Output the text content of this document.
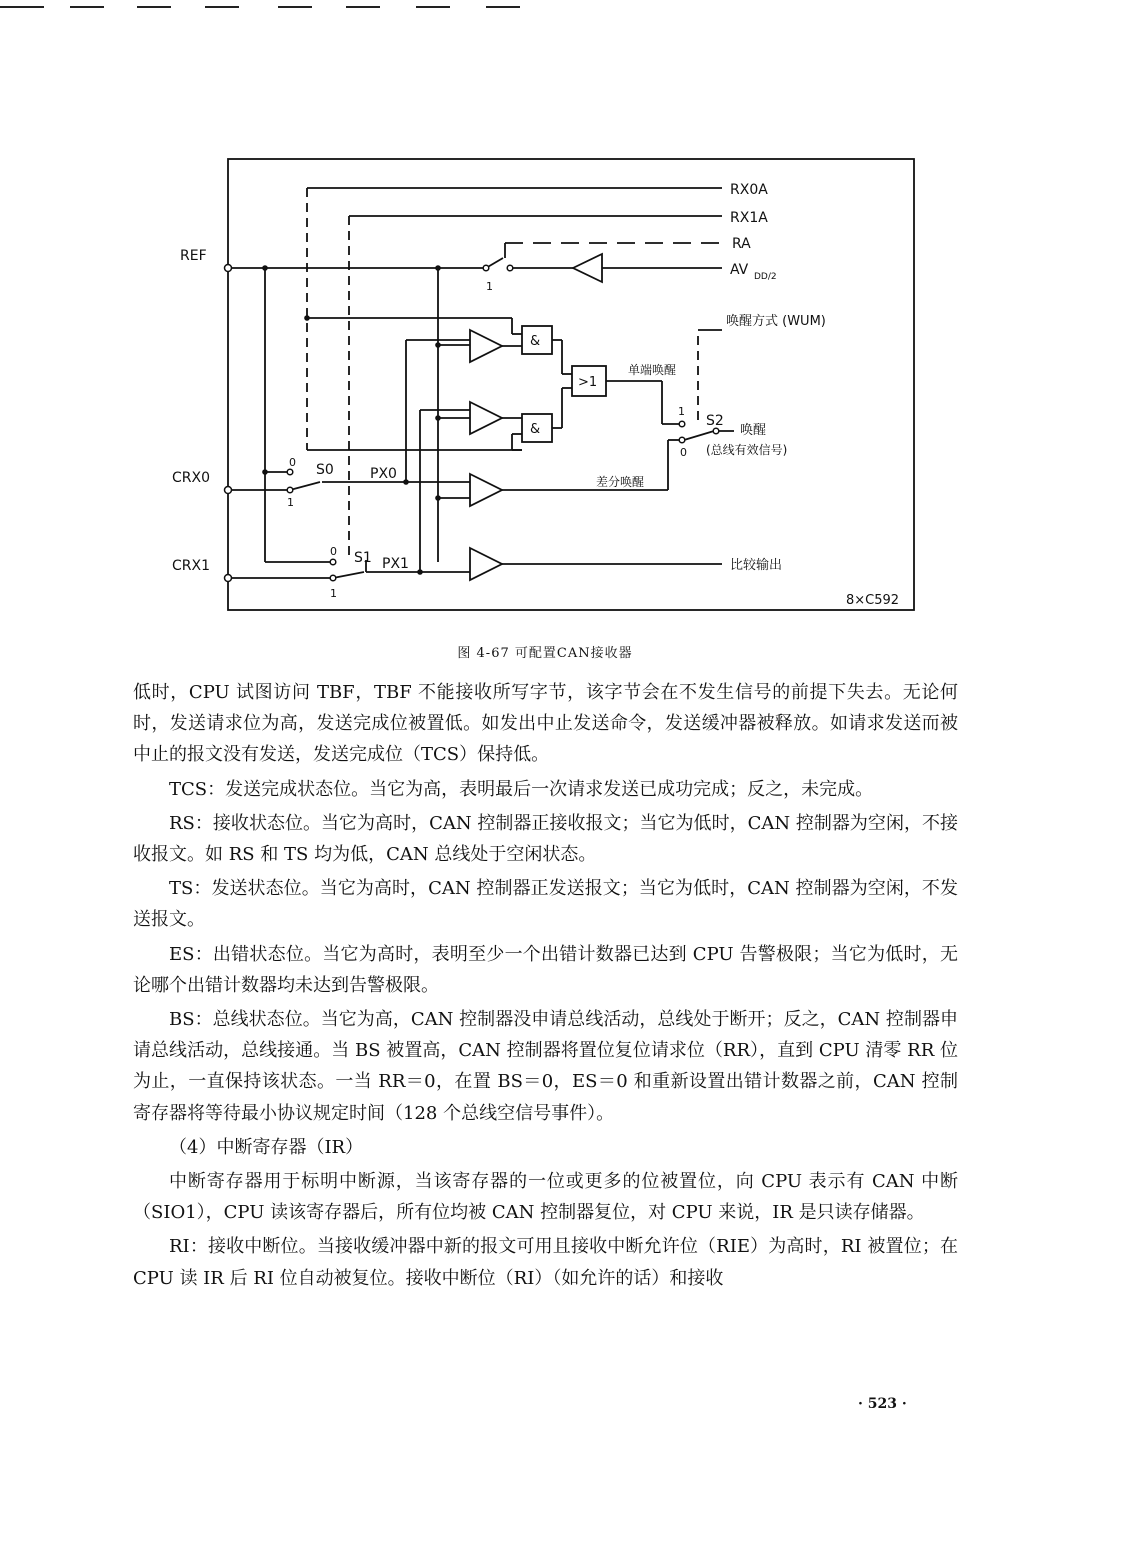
REF
CRX0
CRX1
RX0A
RX1A
RA
AV DD/2
唤醒方式 (WUM)
单端唤醒
差分唤醒
唤醒
(总线有效信号)
比较输出
8×C592
S0
S1
S2
PX0
PX1
&
&
>1
0
1
0
1
1
1
0
图 4-67 可配置CAN接收器

低时，CPU 试图访问 TBF，TBF 不能接收所写字节，该字节会在不发生信号的前提下失去。无论何时，发送请求位为高，发送完成位被置低。如发出中止发送命令，发送缓冲器被释放。如请求发送而被中止的报文没有发送，发送完成位（TCS）保持低。

TCS：发送完成状态位。当它为高，表明最后一次请求发送已成功完成；反之，未完成。

RS：接收状态位。当它为高时，CAN 控制器正接收报文；当它为低时，CAN 控制器为空闲，不接收报文。如 RS 和 TS 均为低，CAN 总线处于空闲状态。

TS：发送状态位。当它为高时，CAN 控制器正发送报文；当它为低时，CAN 控制器为空闲，不发送报文。

ES：出错状态位。当它为高时，表明至少一个出错计数器已达到 CPU 告警极限；当它为低时，无论哪个出错计数器均未达到告警极限。

BS：总线状态位。当它为高，CAN 控制器没申请总线活动，总线处于断开；反之，CAN 控制器申请总线活动，总线接通。当 BS 被置高，CAN 控制器将置位复位请求位（RR），直到 CPU 清零 RR 位为止，一直保持该状态。一当 RR＝0，在置 BS＝0，ES＝0 和重新设置出错计数器之前，CAN 控制寄存器将等待最小协议规定时间（128 个总线空信号事件）。

（4）中断寄存器（IR）

中断寄存器用于标明中断源，当该寄存器的一位或更多的位被置位，向 CPU 表示有 CAN 中断（SIO1），CPU 读该寄存器后，所有位均被 CAN 控制器复位，对 CPU 来说，IR 是只读存储器。

RI：接收中断位。当接收缓冲器中新的报文可用且接收中断允许位（RIE）为高时，RI 被置位；在 CPU 读 IR 后 RI 位自动被复位。接收中断位（RI）（如允许的话）和接收

· 523 ·
